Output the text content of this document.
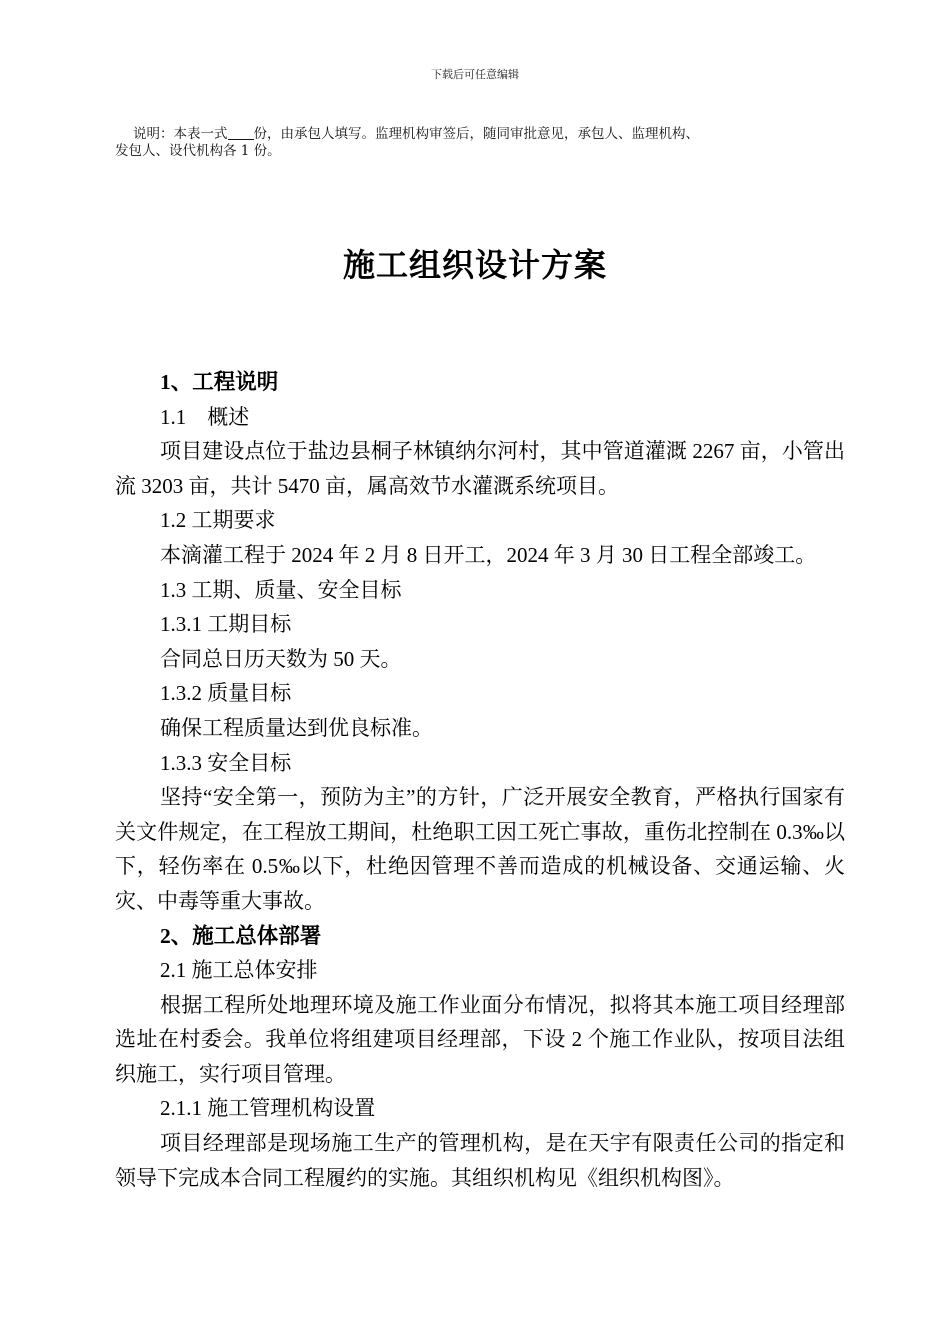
下载后可任意编辑
说明：本表一式 份，由承包人填写。监理机构审签后，随同审批意见，承包人、监理机构、
发包人、设代机构各 1 份。
施工组织设计方案

1、工程说明

1.1　概述

项目建设点位于盐边县桐子林镇纳尔河村，其中管道灌溉 2267 亩，小管出流 3203 亩，共计 5470 亩，属高效节水灌溉系统项目。

1.2 工期要求

本滴灌工程于 2024 年 2 月 8 日开工，2024 年 3 月 30 日工程全部竣工。

1.3 工期、质量、安全目标

1.3.1 工期目标

合同总日历天数为 50 天。

1.3.2 质量目标

确保工程质量达到优良标准。

1.3.3 安全目标

坚持“安全第一，预防为主”的方针，广泛开展安全教育，严格执行国家有关文件规定，在工程放工期间，杜绝职工因工死亡事故，重伤北控制在 0.3‰以下，轻伤率在 0.5‰以下，杜绝因管理不善而造成的机械设备、交通运输、火灾、中毒等重大事故。

2、施工总体部署

2.1 施工总体安排

根据工程所处地理环境及施工作业面分布情况，拟将其本施工项目经理部选址在村委会。我单位将组建项目经理部，下设 2 个施工作业队，按项目法组织施工，实行项目管理。

2.1.1 施工管理机构设置

项目经理部是现场施工生产的管理机构，是在天宇有限责任公司的指定和领导下完成本合同工程履约的实施。其组织机构见《组织机构图》。
